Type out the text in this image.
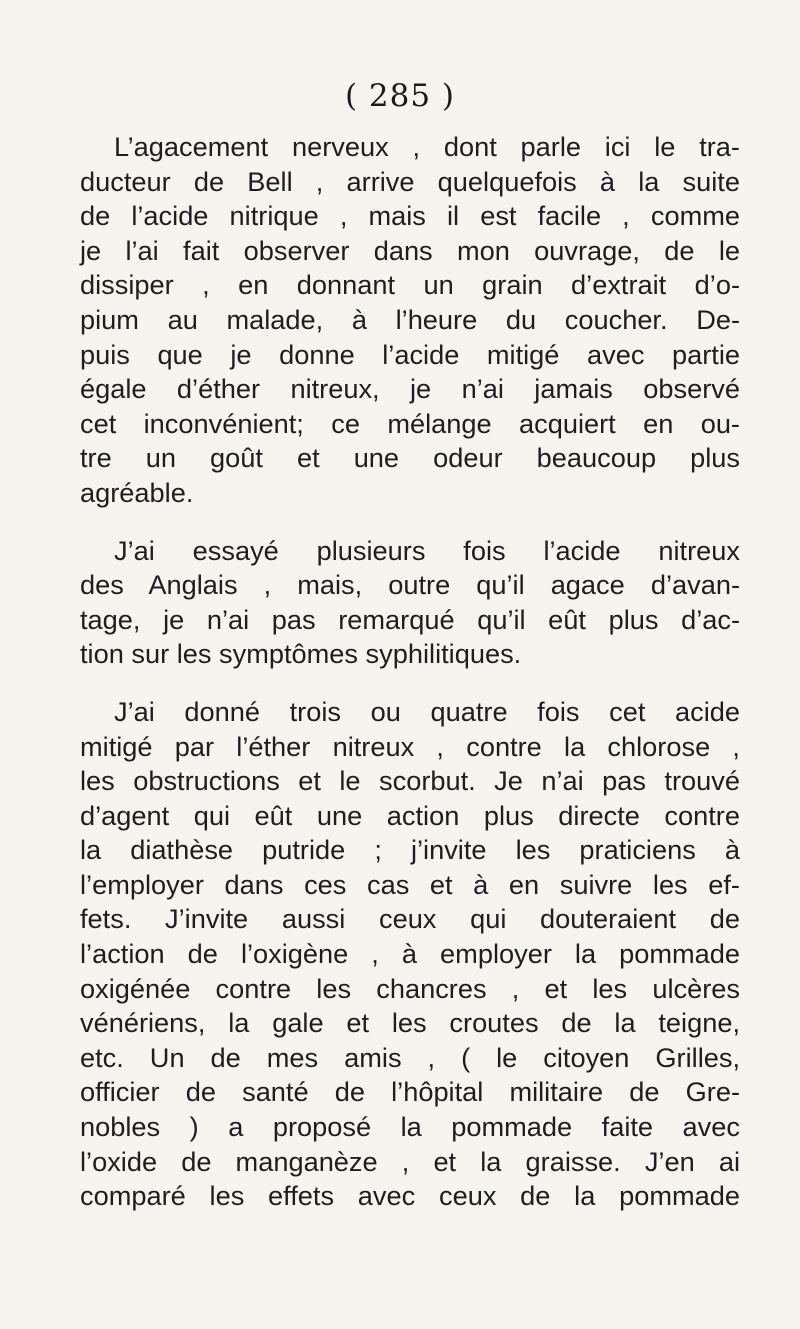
( 285 )

L’agacement nerveux , dont parle ici le tra-
ducteur de Bell , arrive quelquefois à la suite
de l’acide nitrique , mais il est facile , comme
je l’ai fait observer dans mon ouvrage, de le
dissiper , en donnant un grain d’extrait d’o-
pium au malade, à l’heure du coucher. De-
puis que je donne l’acide mitigé avec partie
égale d’éther nitreux, je n’ai jamais observé
cet inconvénient; ce mélange acquiert en ou-
tre un goût et une odeur beaucoup plus
agréable.

J’ai essayé plusieurs fois l’acide nitreux
des Anglais , mais, outre qu’il agace d’avan-
tage, je n’ai pas remarqué qu’il eût plus d’ac-
tion sur les symptômes syphilitiques.

J’ai donné trois ou quatre fois cet acide
mitigé par l’éther nitreux , contre la chlorose ,
les obstructions et le scorbut. Je n’ai pas trouvé
d’agent qui eût une action plus directe contre
la diathèse putride ; j’invite les praticiens à
l’employer dans ces cas et à en suivre les ef-
fets. J’invite aussi ceux qui douteraient de
l’action de l’oxigène , à employer la pommade
oxigénée contre les chancres , et les ulcères
vénériens, la gale et les croutes de la teigne,
etc. Un de mes amis , ( le citoyen Grilles,
officier de santé de l’hôpital militaire de Gre-
nobles ) a proposé la pommade faite avec
l’oxide de manganèze , et la graisse. J’en ai
comparé les effets avec ceux de la pommade
